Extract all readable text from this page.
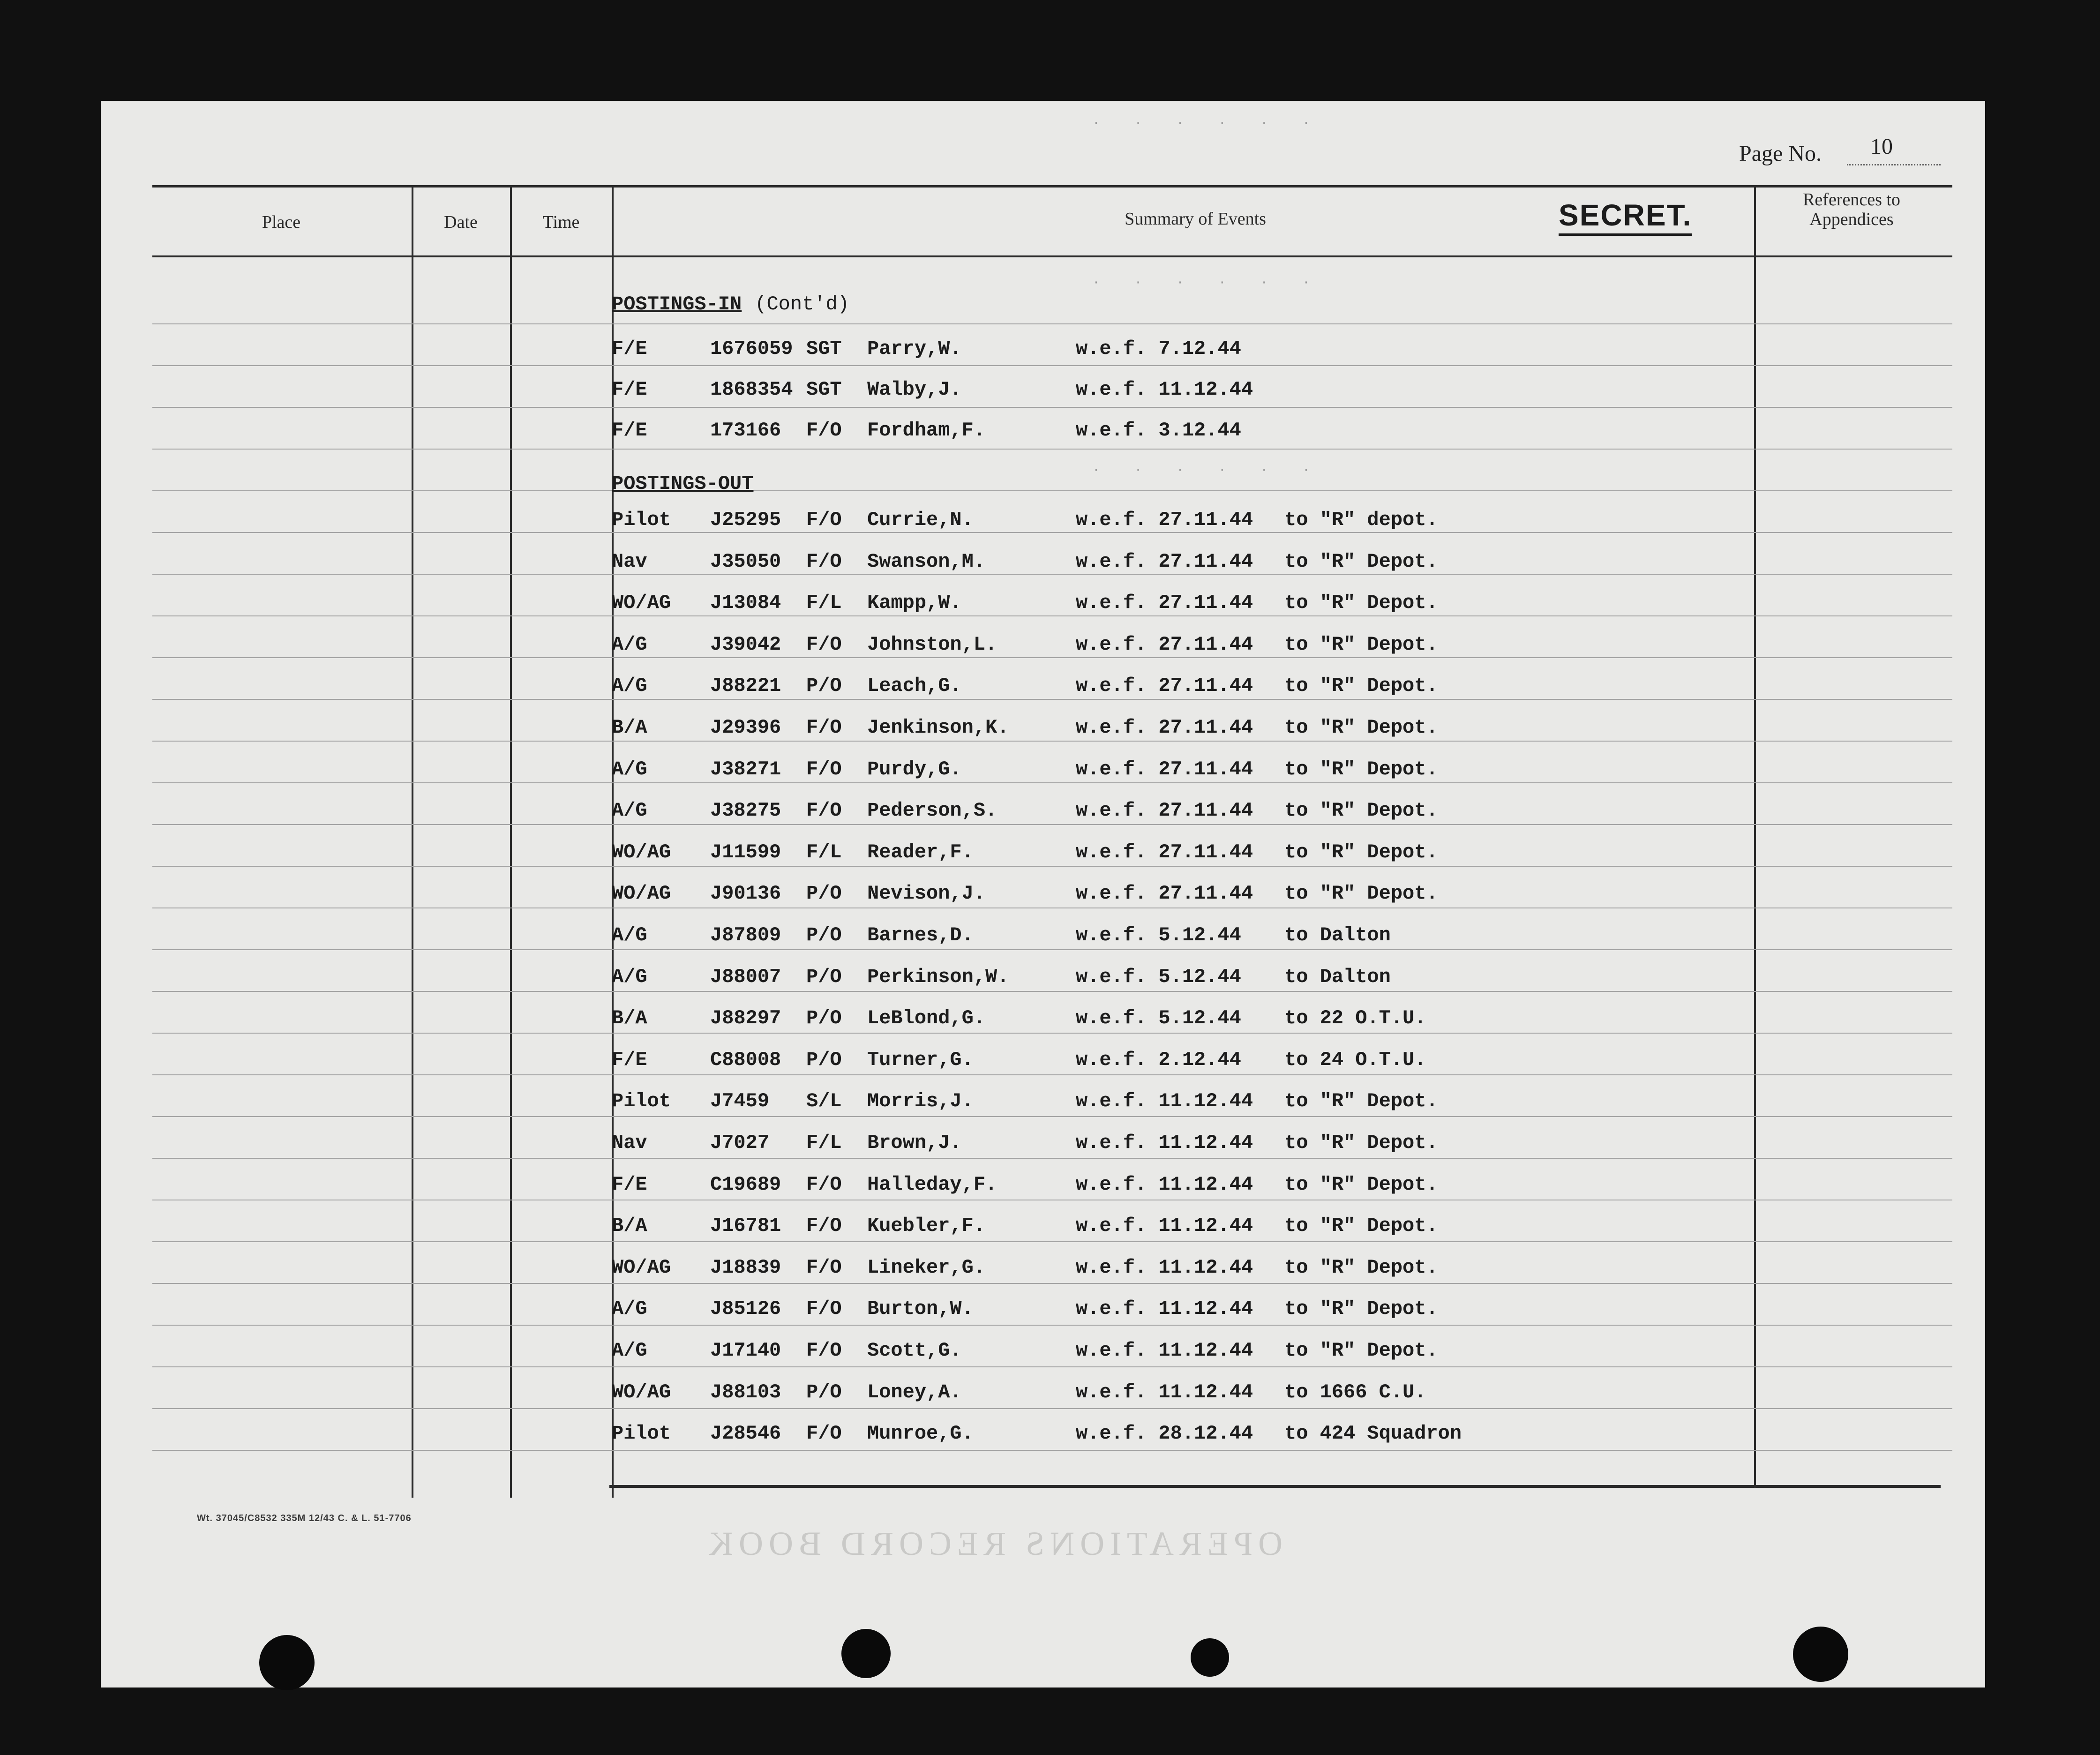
Page No. 10
Place	Date	Time	Summary of Events
References to Appendices
SECRET.
· · · · · ·
· · · · · ·
· · · · · ·
POSTINGS-IN (Cont'd)
F/E	1676059 SGT Parry,W.	w.e.f. 7.12.44
F/E	1868354 SGT Walby,J.	w.e.f. 11.12.44
F/E	173166 F/O Fordham,F.	w.e.f. 3.12.44
POSTINGS-OUT
Pilot J25295 F/O Currie,N.	w.e.f. 27.11.44 to "R" depot.
Nav	J35050 F/O Swanson,M.	w.e.f. 27.11.44 to "R" Depot.
WO/AG J13084 F/L Kampp,W.	w.e.f. 27.11.44 to "R" Depot.
A/G	J39042 F/O Johnston,L.	w.e.f. 27.11.44 to "R" Depot.
A/G	J88221 P/O Leach,G.	w.e.f. 27.11.44 to "R" Depot.
B/A	J29396 F/O Jenkinson,K.	w.e.f. 27.11.44 to "R" Depot.
A/G	J38271 F/O Purdy,G.	w.e.f. 27.11.44 to "R" Depot.
A/G	J38275 F/O Pederson,S.	w.e.f. 27.11.44 to "R" Depot.
WO/AG J11599 F/L Reader,F.	w.e.f. 27.11.44 to "R" Depot.
WO/AG J90136 P/O Nevison,J.	w.e.f. 27.11.44 to "R" Depot.
A/G	J87809 P/O Barnes,D.	w.e.f. 5.12.44 to Dalton
A/G	J88007 P/O Perkinson,W.	w.e.f. 5.12.44 to Dalton
B/A	J88297 P/O LeBlond,G.	w.e.f. 5.12.44 to 22 O.T.U.
F/E	C88008 P/O Turner,G.	w.e.f. 2.12.44 to 24 O.T.U.
Pilot J7459 S/L Morris,J.	w.e.f. 11.12.44 to "R" Depot.
Nav	J7027 F/L Brown,J.	w.e.f. 11.12.44 to "R" Depot.
F/E	C19689 F/O Halleday,F.	w.e.f. 11.12.44 to "R" Depot.
B/A	J16781 F/O Kuebler,F.	w.e.f. 11.12.44 to "R" Depot.
WO/AG J18839 F/O Lineker,G.	w.e.f. 11.12.44 to "R" Depot.
A/G	J85126 F/O Burton,W.	w.e.f. 11.12.44 to "R" Depot.
A/G	J17140 F/O Scott,G.	w.e.f. 11.12.44 to "R" Depot.
WO/AG J88103 P/O Loney,A.	w.e.f. 11.12.44 to 1666 C.U.
Pilot J28546 F/O Munroe,G.	w.e.f. 28.12.44 to 424 Squadron
Wt. 37045/C8532 335M 12/43 C. & L. 51-7706
OPERATIONS RECORD BOOK
